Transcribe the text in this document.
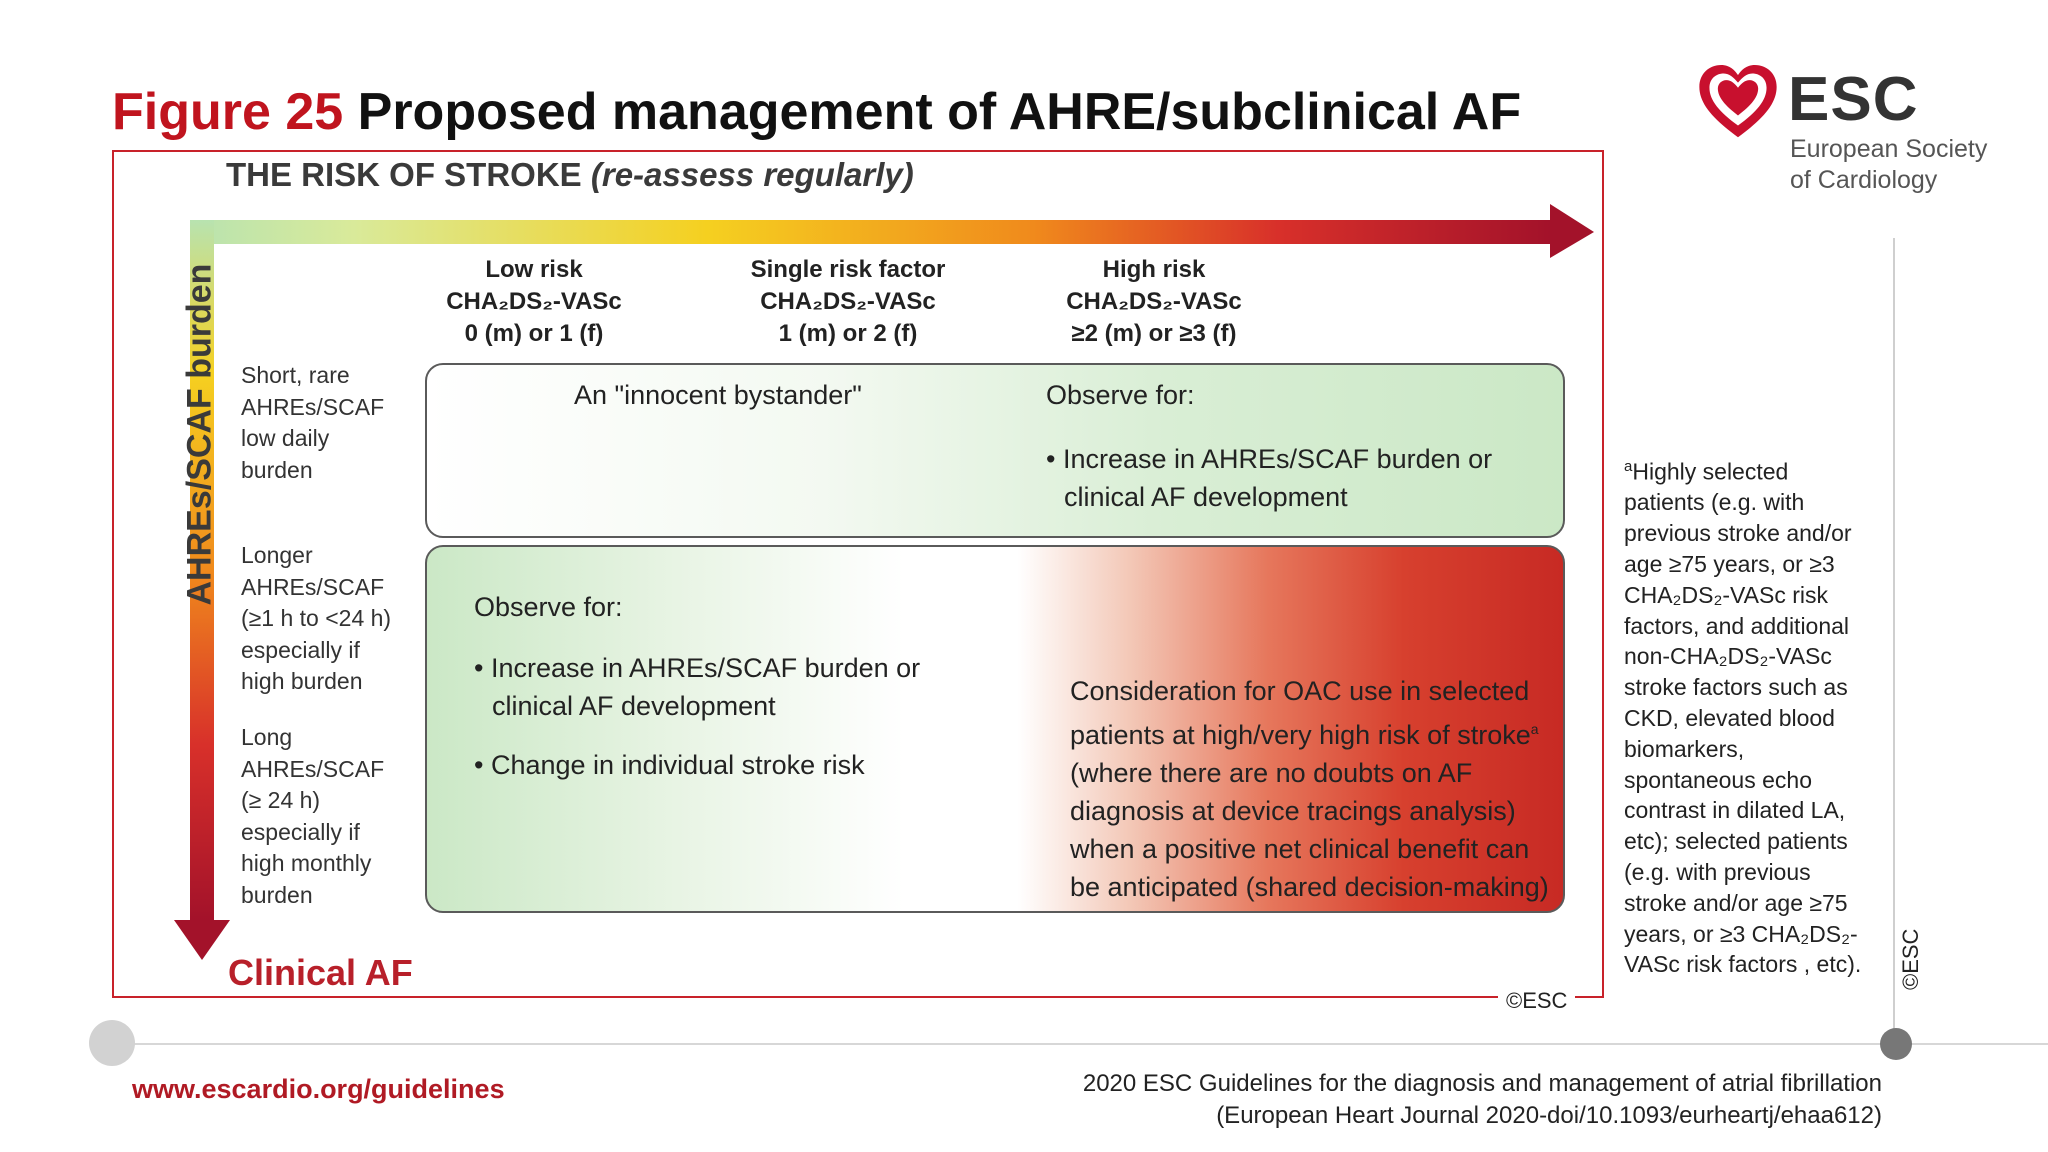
Figure 25 Proposed management of AHRE/subclinical AF	ESC
European Society
of Cardiology
THE RISK OF STROKE (re-assess regularly)
AHREs/SCAF burden	Low risk
CHA₂DS₂-VASc
0 (m) or 1 (f)
Single risk factor
CHA₂DS₂-VASc
1 (m) or 2 (f)
High risk
CHA₂DS₂-VASc
≥2 (m) or ≥3 (f)
Short, rare
AHREs/SCAF
low daily
burden
Longer
AHREs/SCAF
(≥1 h to <24 h)
especially if
high burden
Long
AHREs/SCAF
(≥ 24 h)
especially if
high monthly
burden
An "innocent bystander"	Observe for:
• Increase in AHREs/SCAF burden or
clinical AF development
Observe for:
• Increase in AHREs/SCAF burden or
clinical AF development
• Change in individual stroke risk
Consideration for OAC use in selected
patients at high/very high risk of stroke$^a$
(where there are no doubts on AF
diagnosis at device tracings analysis)
when a positive net clinical benefit can
be anticipated (shared decision-making)
Clinical AF
©ESC
$^a$Highly selected patients (e.g. with previous stroke and/or age ≥75 years, or ≥3 CHA₂DS₂-VASc risk factors, and additional non-CHA₂DS₂-VASc stroke factors such as CKD, elevated blood biomarkers, spontaneous echo contrast in dilated LA, etc); selected patients (e.g. with previous stroke and/or age ≥75 years, or ≥3 CHA₂DS₂-VASc risk factors , etc). ©ESC
www.escardio.org/guidelines	2020 ESC Guidelines for the diagnosis and management of atrial fibrillation
(European Heart Journal 2020-doi/10.1093/eurheartj/ehaa612)
